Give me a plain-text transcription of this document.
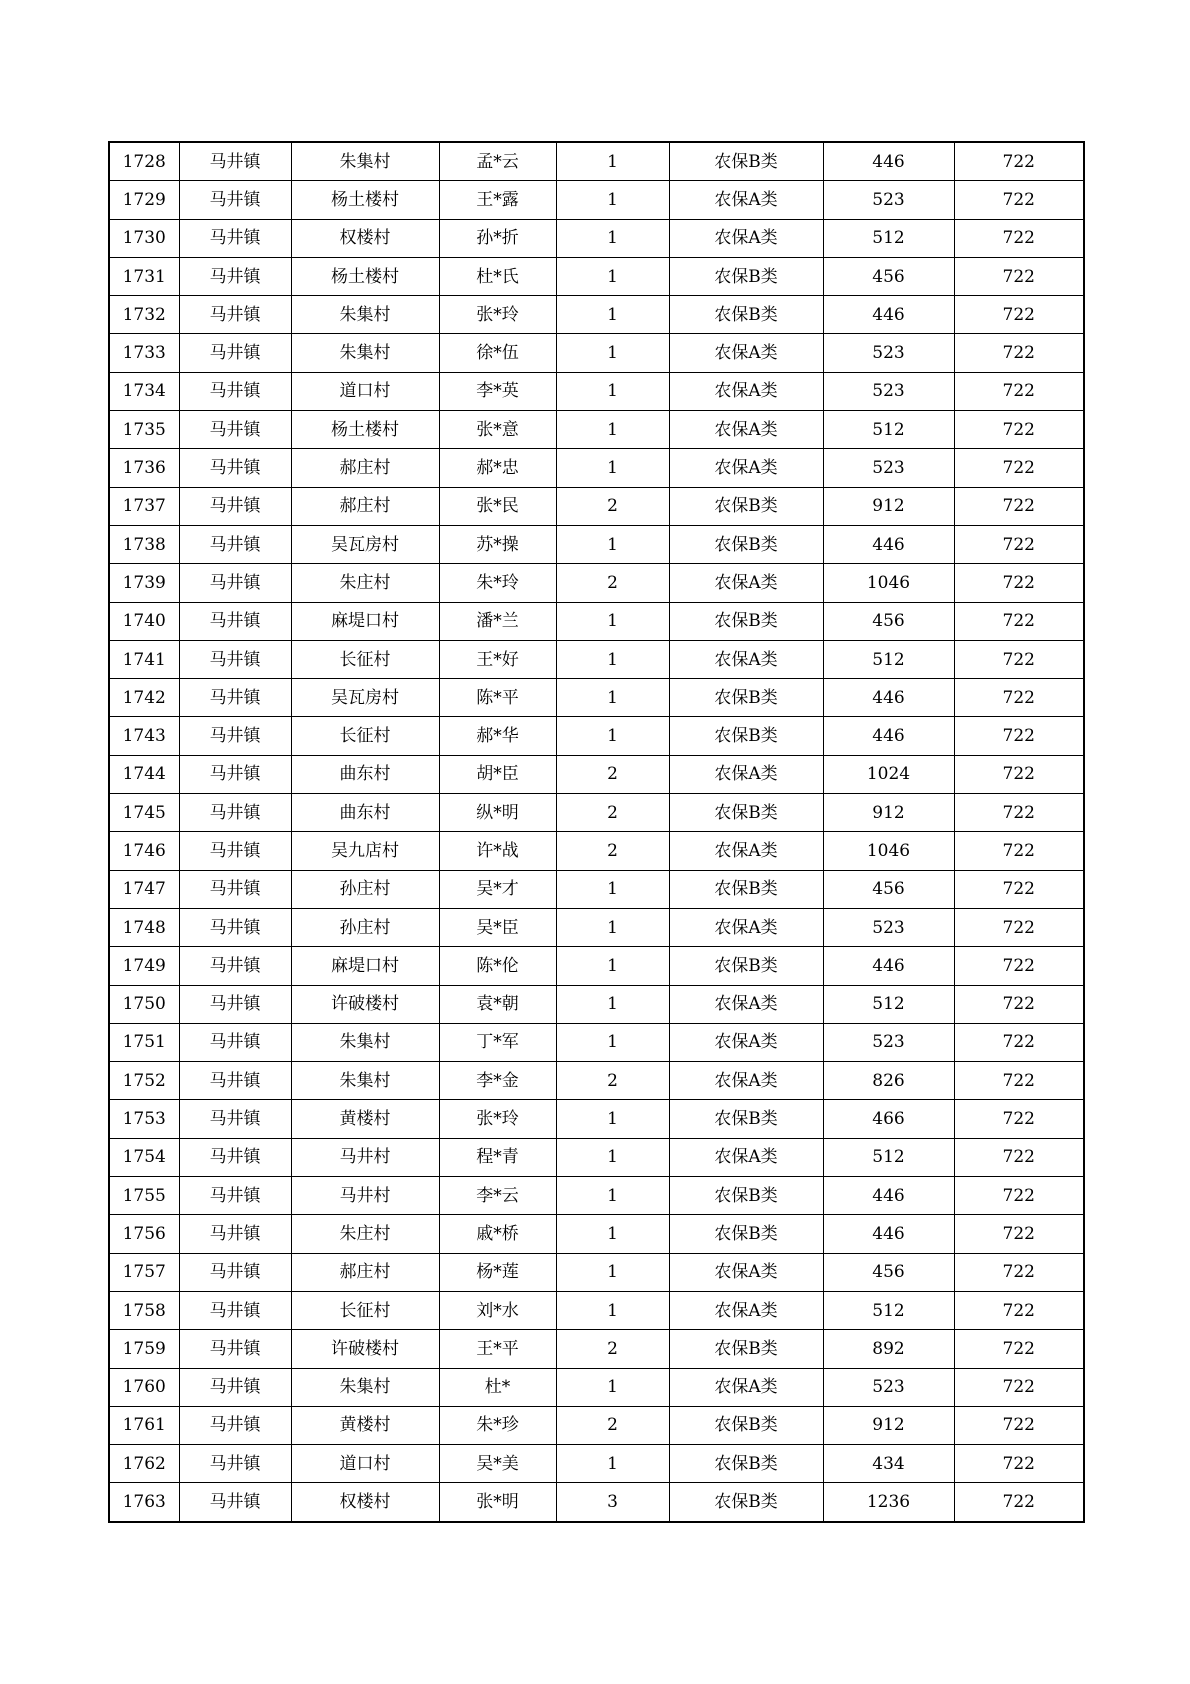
1728	马井镇	朱集村	孟*云	1	农保B类	446	722
1729	马井镇	杨土楼村	王*露	1	农保A类	523	722
1730	马井镇	权楼村	孙*折	1	农保A类	512	722
1731	马井镇	杨土楼村	杜*氏	1	农保B类	456	722
1732	马井镇	朱集村	张*玲	1	农保B类	446	722
1733	马井镇	朱集村	徐*伍	1	农保A类	523	722
1734	马井镇	道口村	李*英	1	农保A类	523	722
1735	马井镇	杨土楼村	张*意	1	农保A类	512	722
1736	马井镇	郝庄村	郝*忠	1	农保A类	523	722
1737	马井镇	郝庄村	张*民	2	农保B类	912	722
1738	马井镇	吴瓦房村	苏*操	1	农保B类	446	722
1739	马井镇	朱庄村	朱*玲	2	农保A类	1046	722
1740	马井镇	麻堤口村	潘*兰	1	农保B类	456	722
1741	马井镇	长征村	王*好	1	农保A类	512	722
1742	马井镇	吴瓦房村	陈*平	1	农保B类	446	722
1743	马井镇	长征村	郝*华	1	农保B类	446	722
1744	马井镇	曲东村	胡*臣	2	农保A类	1024	722
1745	马井镇	曲东村	纵*明	2	农保B类	912	722
1746	马井镇	吴九店村	许*战	2	农保A类	1046	722
1747	马井镇	孙庄村	吴*才	1	农保B类	456	722
1748	马井镇	孙庄村	吴*臣	1	农保A类	523	722
1749	马井镇	麻堤口村	陈*伦	1	农保B类	446	722
1750	马井镇	许破楼村	袁*朝	1	农保A类	512	722
1751	马井镇	朱集村	丁*军	1	农保A类	523	722
1752	马井镇	朱集村	李*金	2	农保A类	826	722
1753	马井镇	黄楼村	张*玲	1	农保B类	466	722
1754	马井镇	马井村	程*青	1	农保A类	512	722
1755	马井镇	马井村	李*云	1	农保B类	446	722
1756	马井镇	朱庄村	戚*桥	1	农保B类	446	722
1757	马井镇	郝庄村	杨*莲	1	农保A类	456	722
1758	马井镇	长征村	刘*水	1	农保A类	512	722
1759	马井镇	许破楼村	王*平	2	农保B类	892	722
1760	马井镇	朱集村	杜*	1	农保A类	523	722
1761	马井镇	黄楼村	朱*珍	2	农保B类	912	722
1762	马井镇	道口村	吴*美	1	农保B类	434	722
1763	马井镇	权楼村	张*明	3	农保B类	1236	722
